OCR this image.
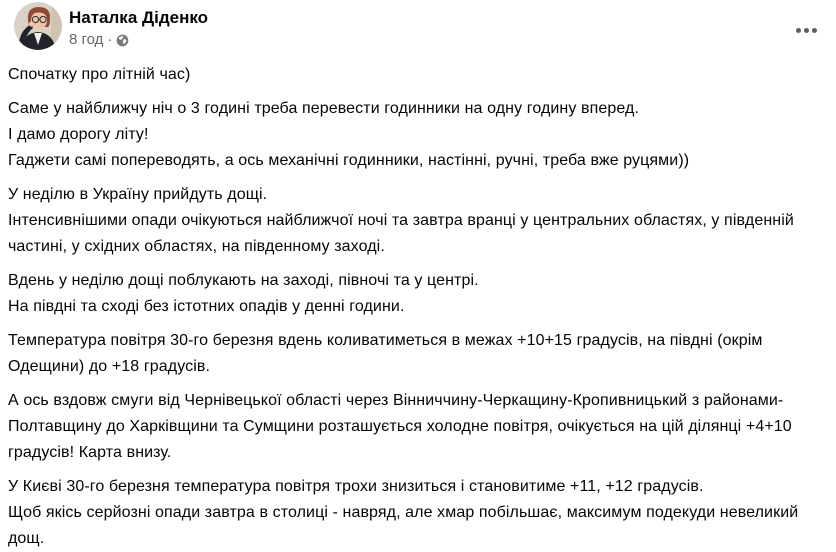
Наталка Діденко
8 год ·

Спочатку про літній час)

Саме у найближчу ніч о 3 годині треба перевести годинники на одну годину вперед.
І дамо дорогу літу!
Гаджети самі попереводять, а ось механічні годинники, настінні, ручні, треба вже руцями))

У неділю в Україну прийдуть дощі.
Інтенсивнішими опади очікуються найближчої ночі та завтра вранці у центральних областях, у південній частині, у східних областях, на південному заході.

Вдень у неділю дощі поблукають на заході, півночі та у центрі.
На півдні та сході без істотних опадів у денні години.

Температура повітря 30-го березня вдень коливатиметься в межах +10+15 градусів, на півдні (окрім Одещини) до +18 градусів.

А ось вздовж смуги від Чернівецької області через Вінниччину-Черкащину-Кропивницький з районами-Полтавщину до Харківщини та Сумщини розташується холодне повітря, очікується на цій ділянці +4+10 градусів! Карта внизу.

У Києві 30-го березня температура повітря трохи знизиться і становитиме +11, +12 градусів.
Щоб якісь серйозні опади завтра в столиці - навряд, але хмар побільшає, максимум подекуди невеликий дощ.
